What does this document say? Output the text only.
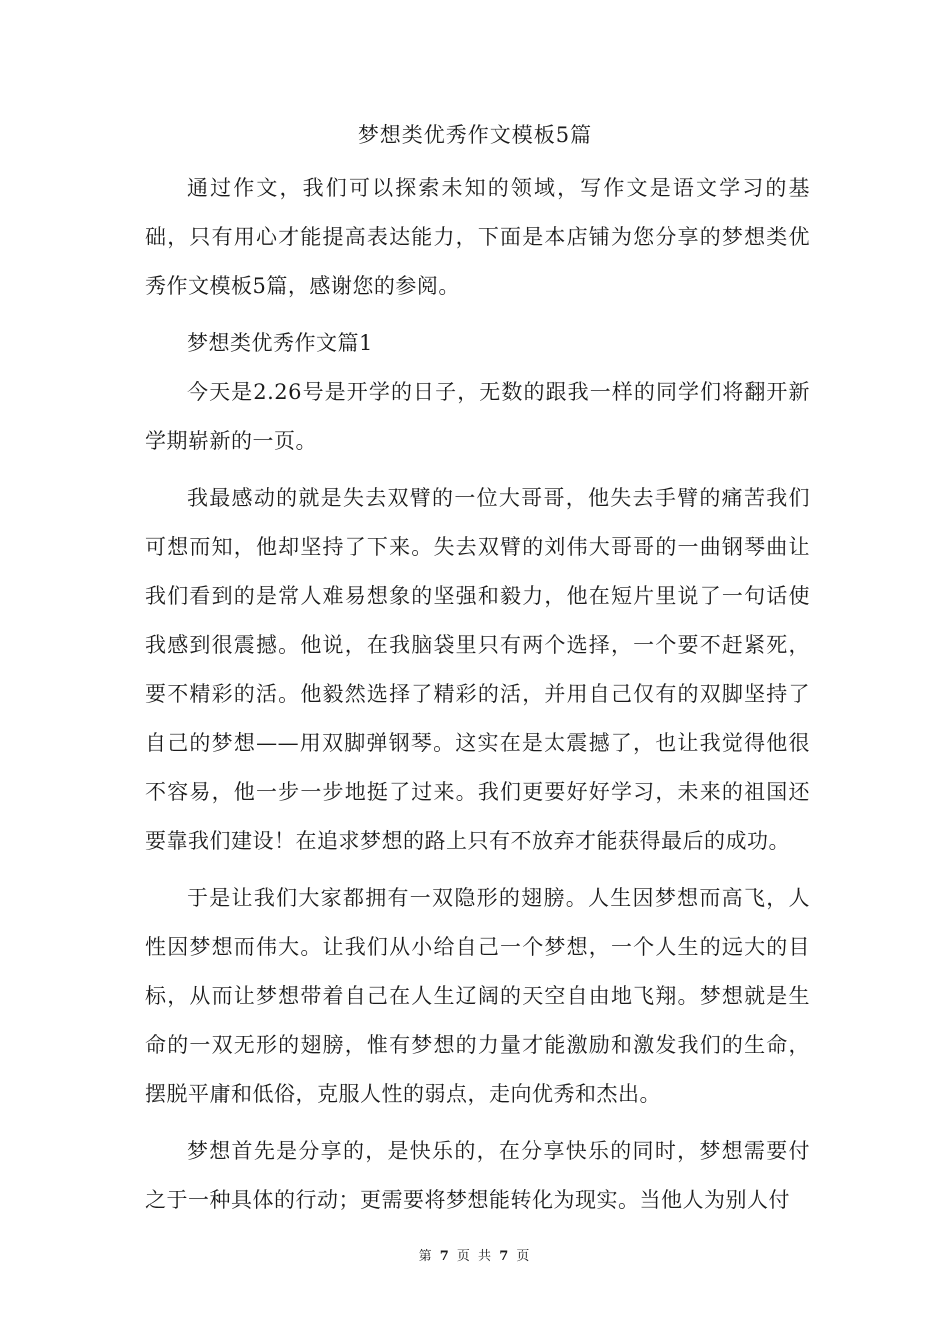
梦想类优秀作文模板5篇

通过作文，我们可以探索未知的领域，写作文是语文学习的基础，只有用心才能提高表达能力，下面是本店铺为您分享的梦想类优秀作文模板5篇，感谢您的参阅。

梦想类优秀作文篇1

今天是2.26号是开学的日子，无数的跟我一样的同学们将翻开新学期崭新的一页。

我最感动的就是失去双臂的一位大哥哥，他失去手臂的痛苦我们可想而知，他却坚持了下来。失去双臂的刘伟大哥哥的一曲钢琴曲让我们看到的是常人难易想象的坚强和毅力，他在短片里说了一句话使我感到很震撼。他说，在我脑袋里只有两个选择，一个要不赶紧死，要不精彩的活。他毅然选择了精彩的活，并用自己仅有的双脚坚持了自己的梦想——用双脚弹钢琴。这实在是太震撼了，也让我觉得他很不容易，他一步一步地挺了过来。我们更要好好学习，未来的祖国还要靠我们建设！在追求梦想的路上只有不放弃才能获得最后的成功。

于是让我们大家都拥有一双隐形的翅膀。人生因梦想而高飞，人性因梦想而伟大。让我们从小给自己一个梦想，一个人生的远大的目标，从而让梦想带着自己在人生辽阔的天空自由地飞翔。梦想就是生命的一双无形的翅膀，惟有梦想的力量才能激励和激发我们的生命，摆脱平庸和低俗，克服人性的弱点，走向优秀和杰出。

梦想首先是分享的，是快乐的，在分享快乐的同时，梦想需要付之于一种具体的行动；更需要将梦想能转化为现实。当他人为别人付

第 7 页 共 7 页
